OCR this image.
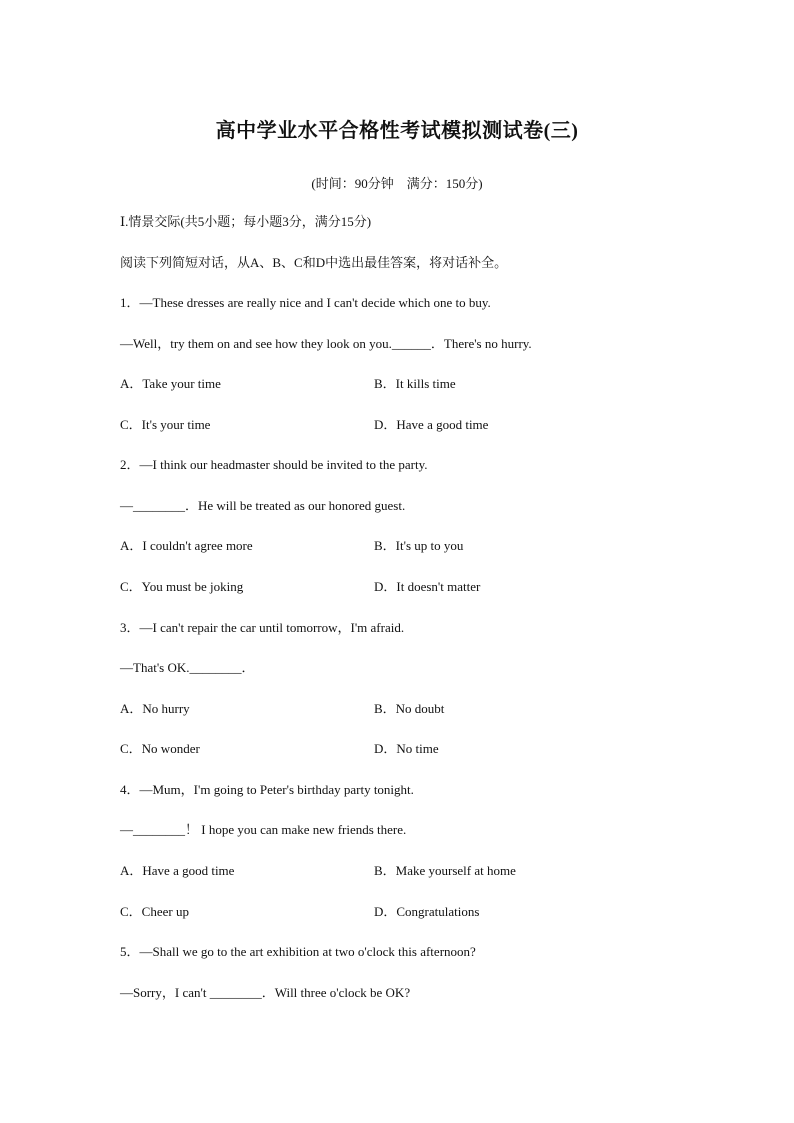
高中学业水平合格性考试模拟测试卷(三)
(时间：90分钟　满分：150分)
Ⅰ.情景交际(共5小题；每小题3分，满分15分)
阅读下列简短对话，从A、B、C和D中选出最佳答案，将对话补全。
1．—These dresses are really nice and I can't decide which one to buy.
—Well，try them on and see how they look on you.______．There's no hurry.
A．Take your time	B．It kills time
C．It's your time	D．Have a good time
2．—I think our headmaster should be invited to the party.
—________．He will be treated as our honored guest.
A．I couldn't agree more	B．It's up to you
C．You must be joking	D．It doesn't matter
3．—I can't repair the car until tomorrow，I'm afraid.
—That's OK.________．
A．No hurry	B．No doubt
C．No wonder	D．No time
4．—Mum，I'm going to Peter's birthday party tonight.
—________！ I hope you can make new friends there.
A．Have a good time	B．Make yourself at home
C．Cheer up	D．Congratulations
5．—Shall we go to the art exhibition at two o'clock this afternoon?
—Sorry，I can't ________．Will three o'clock be OK?
